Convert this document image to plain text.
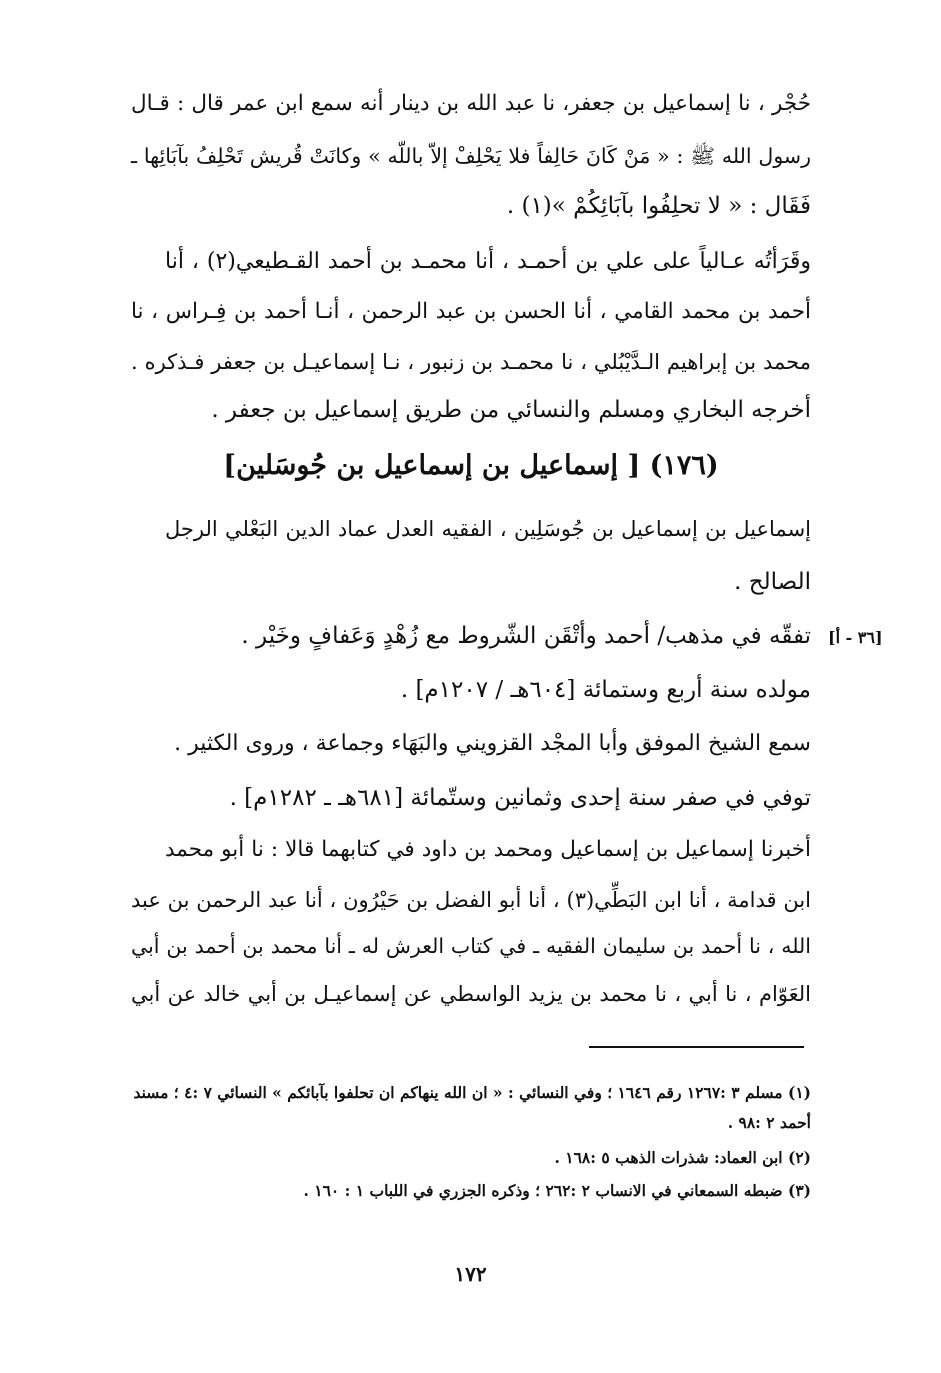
حُجْر ، نا إسماعيل بن جعفر، نا عبد الله بن دينار أنه سمع ابن عمر قال : قـال
رسول الله ﷺ : « مَنْ كَانَ حَالِفاً فلا يَحْلِفْ إلاّ باللّه » وكانَتْ قُريش تَحْلِفُ بآبَائِها ـ
فَقَال : « لا تحلِفُوا بآبَائِكُمْ »(١) .
وقَرَأتُه عـالياً على علي بن أحمـد ، أنا محمـد بن أحمد القـطيعي(٢) ، أنا
أحمد بن محمد القامي ، أنا الحسن بن عبد الرحمن ، أنـا أحمد بن فِـراس ، نا
محمد بن إبراهيم الـدَّيْبُلي ، نا محمـد بن زنبور ، نـا إسماعيـل بن جعفر فـذكره .
أخرجه البخاري ومسلم والنسائي من طريق إسماعيل بن جعفر .
(١٧٦) [ إسماعيل بن إسماعيل بن جُوسَلين]
إسماعيل بن إسماعيل بن جُوسَلِين ، الفقيه العدل عماد الدين البَعْلي الرجل
الصالح .
تفقّه في مذهب/ أحمد وأتْقَن الشّروط مع زُهْدٍ وَعَفافٍ وخَيْر .
مولده سنة أربع وستمائة [٦٠٤هـ / ١٢٠٧م] .
سمع الشيخ الموفق وأبا المجْد القزويني والبَهَاء وجماعة ، وروى الكثير .
توفي في صفر سنة إحدى وثمانين وستّمائة [٦٨١هـ ـ ١٢٨٢م] .
أخبرنا إسماعيل بن إسماعيل ومحمد بن داود في كتابهما قالا : نا أبو محمد
ابن قدامة ، أنا ابن البَطِّي(٣) ، أنا أبو الفضل بن حَيْرُون ، أنا عبد الرحمن بن عبد
الله ، نا أحمد بن سليمان الفقيه ـ في كتاب العرش له ـ أنا محمد بن أحمد بن أبي
العَوّام ، نا أبي ، نا محمد بن يزيد الواسطي عن إسماعيـل بن أبي خالد عن أبي
[٣٦ - أ]
(١) مسلم ٣ :١٢٦٧ رقم ١٦٤٦ ؛ وفي النسائي : « ان الله ينهاكم ان تحلفوا بآبائكم » النسائي ٧ :٤ ؛ مسند
أحمد ٢ :٩٨ .
(٢) ابن العماد: شذرات الذهب ٥ :١٦٨ .
(٣) ضبطه السمعاني في الانساب ٢ :٢٦٢ ؛ وذكره الجزري في اللباب ١ : ١٦٠ .
١٧٢
